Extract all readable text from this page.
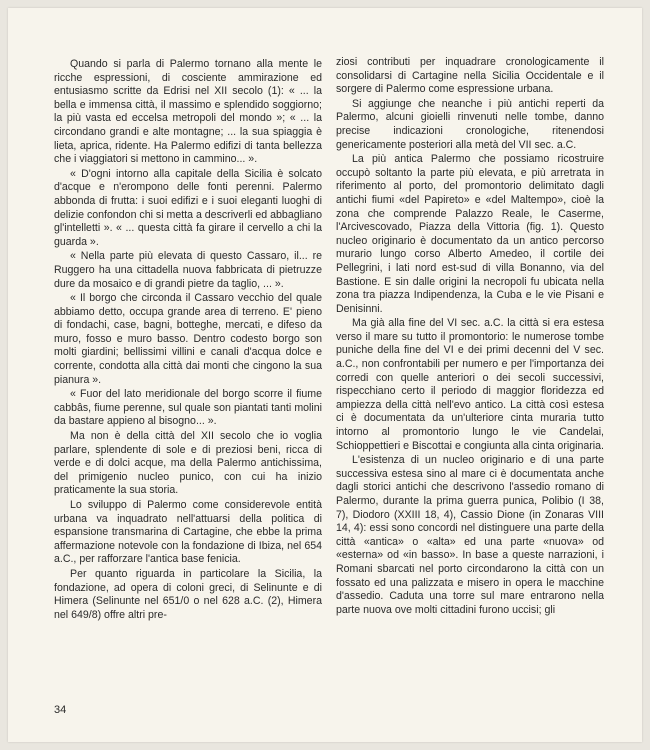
Quando si parla di Palermo tornano alla mente le ricche espressioni, di cosciente ammirazione ed entusiasmo scritte da Edrisi nel XII secolo (1): « ... la bella e immensa città, il massimo e splendido soggiorno; la più vasta ed eccelsa metropoli del mondo »; « ... la circondano grandi e alte montagne; ... la sua spiaggia è lieta, aprica, ridente. Ha Palermo edifizi di tanta bellezza che i viaggiatori si mettono in cammino... ».

« D'ogni intorno alla capitale della Sicilia è solcato d'acque e n'erompono delle fonti perenni. Palermo abbonda di frutta: i suoi edifizi e i suoi eleganti luoghi di delizie confondon chi si metta a descriverli ed abbagliano gl'intelletti ». « ... questa città fa girare il cervello a chi la guarda ».

« Nella parte più elevata di questo Cassaro, il... re Ruggero ha una cittadella nuova fabbricata di pietruzze dure da mosaico e di grandi pietre da taglio, ... ».

« Il borgo che circonda il Cassaro vecchio del quale abbiamo detto, occupa grande area di terreno. E' pieno di fondachi, case, bagni, botteghe, mercati, e difeso da muro, fosso e muro basso. Dentro codesto borgo son molti giardini; bellissimi villini e canali d'acqua dolce e corrente, condotta alla città dai monti che cingono la sua pianura ».

« Fuor del lato meridionale del borgo scorre il fiume cabbâs, fiume perenne, sul quale son piantati tanti molini da bastare appieno al bisogno... ».

Ma non è della città del XII secolo che io voglia parlare, splendente di sole e di preziosi beni, ricca di verde e di dolci acque, ma della Palermo antichissima, del primigenio nucleo punico, con cui ha inizio praticamente la sua storia.

Lo sviluppo di Palermo come considerevole entità urbana va inquadrato nell'attuarsi della politica di espansione transmarina di Cartagine, che ebbe la prima affermazione notevole con la fondazione di Ibiza, nel 654 a.C., per rafforzare l'antica base fenicia.

Per quanto riguarda in particolare la Sicilia, la fondazione, ad opera di coloni greci, di Selinunte e di Himera (Selinunte nel 651/0 o nel 628 a.C. (2), Himera nel 649/8) offre altri pre-

ziosi contributi per inquadrare cronologicamente il consolidarsi di Cartagine nella Sicilia Occidentale e il sorgere di Palermo come espressione urbana.

Si aggiunge che neanche i più antichi reperti da Palermo, alcuni gioielli rinvenuti nelle tombe, danno precise indicazioni cronologiche, ritenendosi genericamente posteriori alla metà del VII sec. a.C.

La più antica Palermo che possiamo ricostruire occupò soltanto la parte più elevata, e più arretrata in riferimento al porto, del promontorio delimitato dagli antichi fiumi «del Papireto» e «del Maltempo», cioè la zona che comprende Palazzo Reale, le Caserme, l'Arcivescovado, Piazza della Vittoria (fig. 1). Questo nucleo originario è documentato da un antico percorso murario lungo corso Alberto Amedeo, il cortile dei Pellegrini, i lati nord est-sud di villa Bonanno, via del Bastione. E sin dalle origini la necropoli fu ubicata nella zona tra piazza Indipendenza, la Cuba e le vie Pisani e Denisinni.

Ma già alla fine del VI sec. a.C. la città si era estesa verso il mare su tutto il promontorio: le numerose tombe puniche della fine del VI e dei primi decenni del V sec. a.C., non confrontabili per numero e per l'importanza dei corredi con quelle anteriori o dei secoli successivi, rispecchiano certo il periodo di maggior floridezza ed ampiezza della città nell'evo antico. La città così estesa ci è documentata da un'ulteriore cinta muraria tutto intorno al promontorio lungo le vie Candelai, Schioppettieri e Biscottai e congiunta alla cinta originaria.

L'esistenza di un nucleo originario e di una parte successiva estesa sino al mare ci è documentata anche dagli storici antichi che descrivono l'assedio romano di Palermo, durante la prima guerra punica, Polibio (I 38, 7), Diodoro (XXIII 18, 4), Cassio Dione (in Zonaras VIII 14, 4): essi sono concordi nel distinguere una parte della città «antica» o «alta» ed una parte «nuova» od «esterna» od «in basso». In base a queste narrazioni, i Romani sbarcati nel porto circondarono la città con un fossato ed una palizzata e misero in opera le macchine d'assedio. Caduta una torre sul mare entrarono nella parte nuova ove molti cittadini furono uccisi; gli

34
